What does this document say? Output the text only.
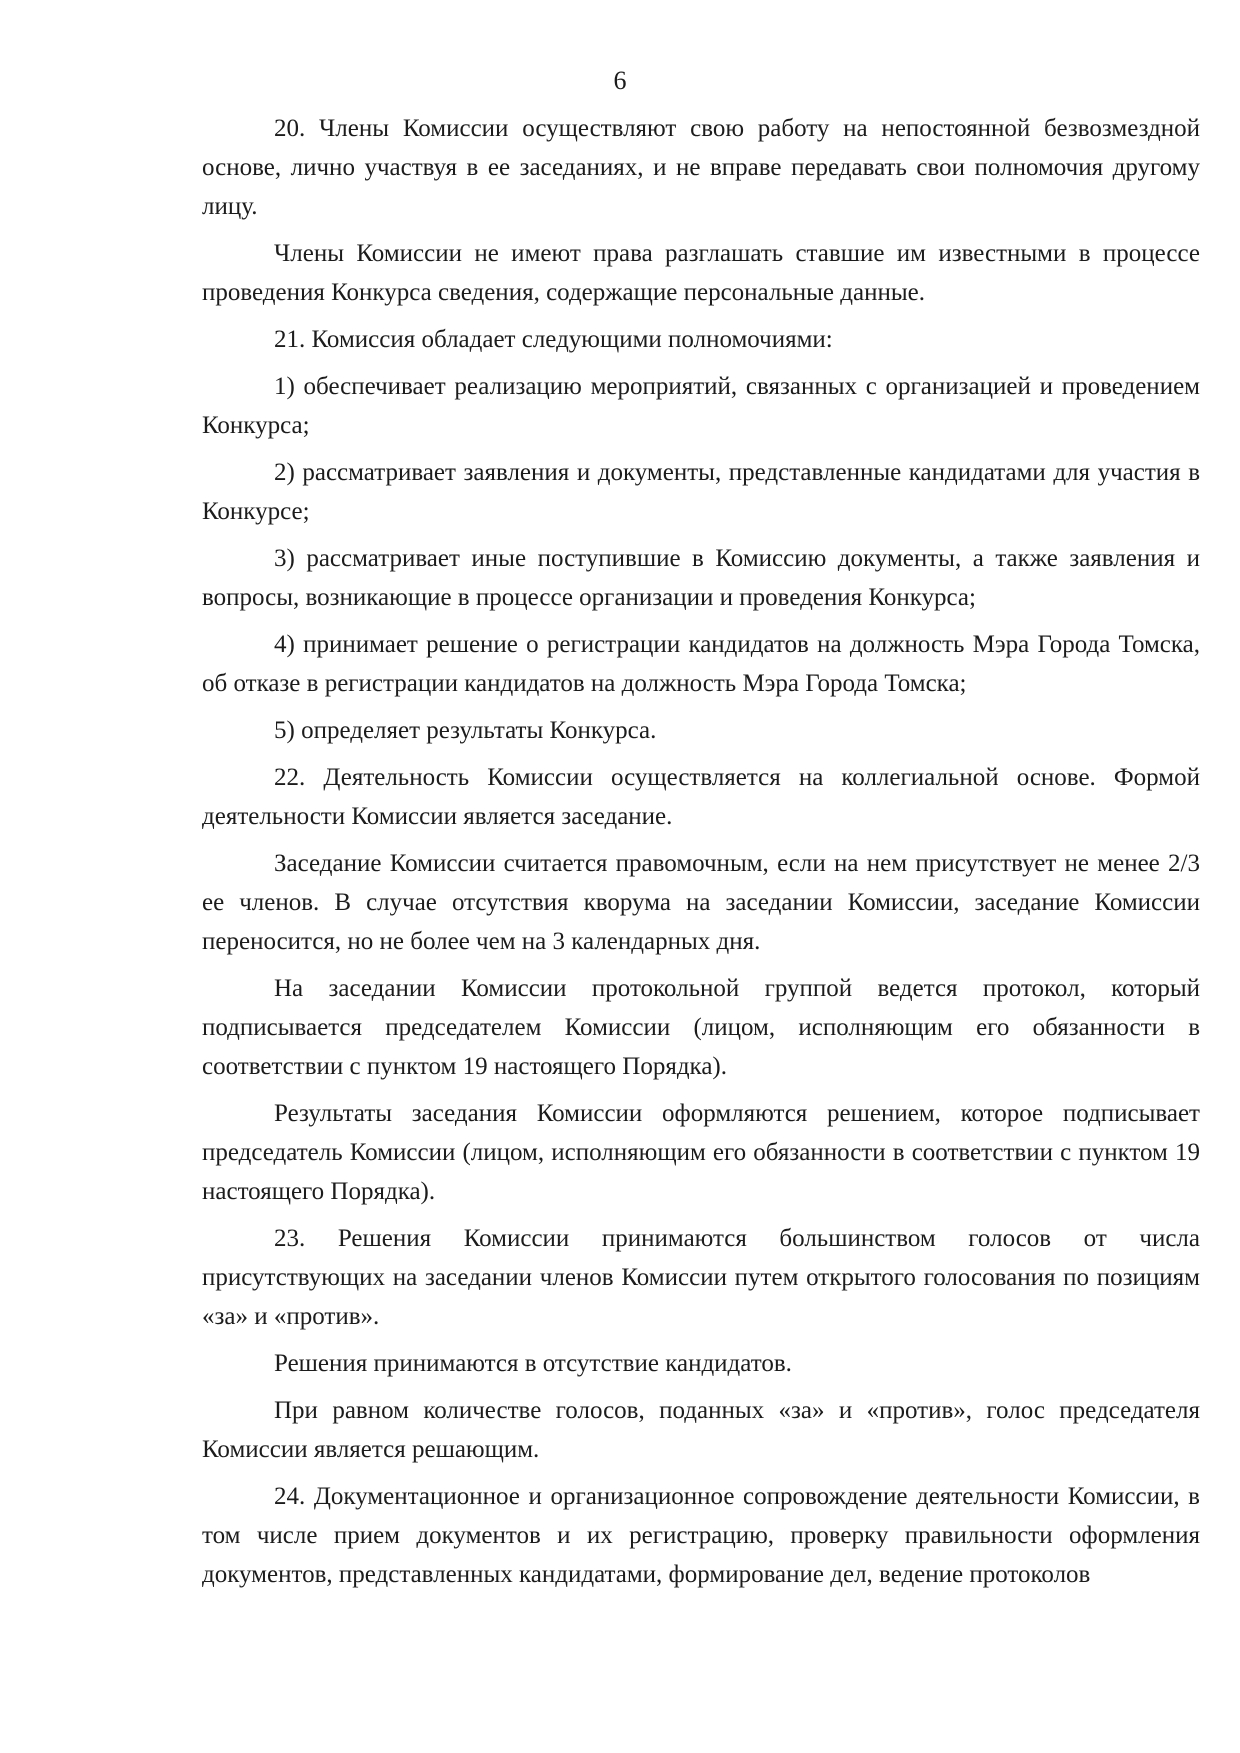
6

20. Члены Комиссии осуществляют свою работу на непостоянной безвозмездной основе, лично участвуя в ее заседаниях, и не вправе передавать свои полномочия другому лицу.

Члены Комиссии не имеют права разглашать ставшие им известными в процессе проведения Конкурса сведения, содержащие персональные данные.

21. Комиссия обладает следующими полномочиями:

1) обеспечивает реализацию мероприятий, связанных с организацией и проведением Конкурса;

2) рассматривает заявления и документы, представленные кандидатами для участия в Конкурсе;

3) рассматривает иные поступившие в Комиссию документы, а также заявления и вопросы, возникающие в процессе организации и проведения Конкурса;

4) принимает решение о регистрации кандидатов на должность Мэра Города Томска, об отказе в регистрации кандидатов на должность Мэра Города Томска;

5) определяет результаты Конкурса.

22. Деятельность Комиссии осуществляется на коллегиальной основе. Формой деятельности Комиссии является заседание.

Заседание Комиссии считается правомочным, если на нем присутствует не менее 2/3 ее членов. В случае отсутствия кворума на заседании Комиссии, заседание Комиссии переносится, но не более чем на 3 календарных дня.

На заседании Комиссии протокольной группой ведется протокол, который подписывается председателем Комиссии (лицом, исполняющим его обязанности в соответствии с пунктом 19 настоящего Порядка).

Результаты заседания Комиссии оформляются решением, которое подписывает председатель Комиссии (лицом, исполняющим его обязанности в соответствии с пунктом 19 настоящего Порядка).

23. Решения Комиссии принимаются большинством голосов от числа присутствующих на заседании членов Комиссии путем открытого голосования по позициям «за» и «против».

Решения принимаются в отсутствие кандидатов.

При равном количестве голосов, поданных «за» и «против», голос председателя Комиссии является решающим.

24. Документационное и организационное сопровождение деятельности Комиссии, в том числе прием документов и их регистрацию, проверку правильности оформления документов, представленных кандидатами, формирование дел, ведение протоколов
